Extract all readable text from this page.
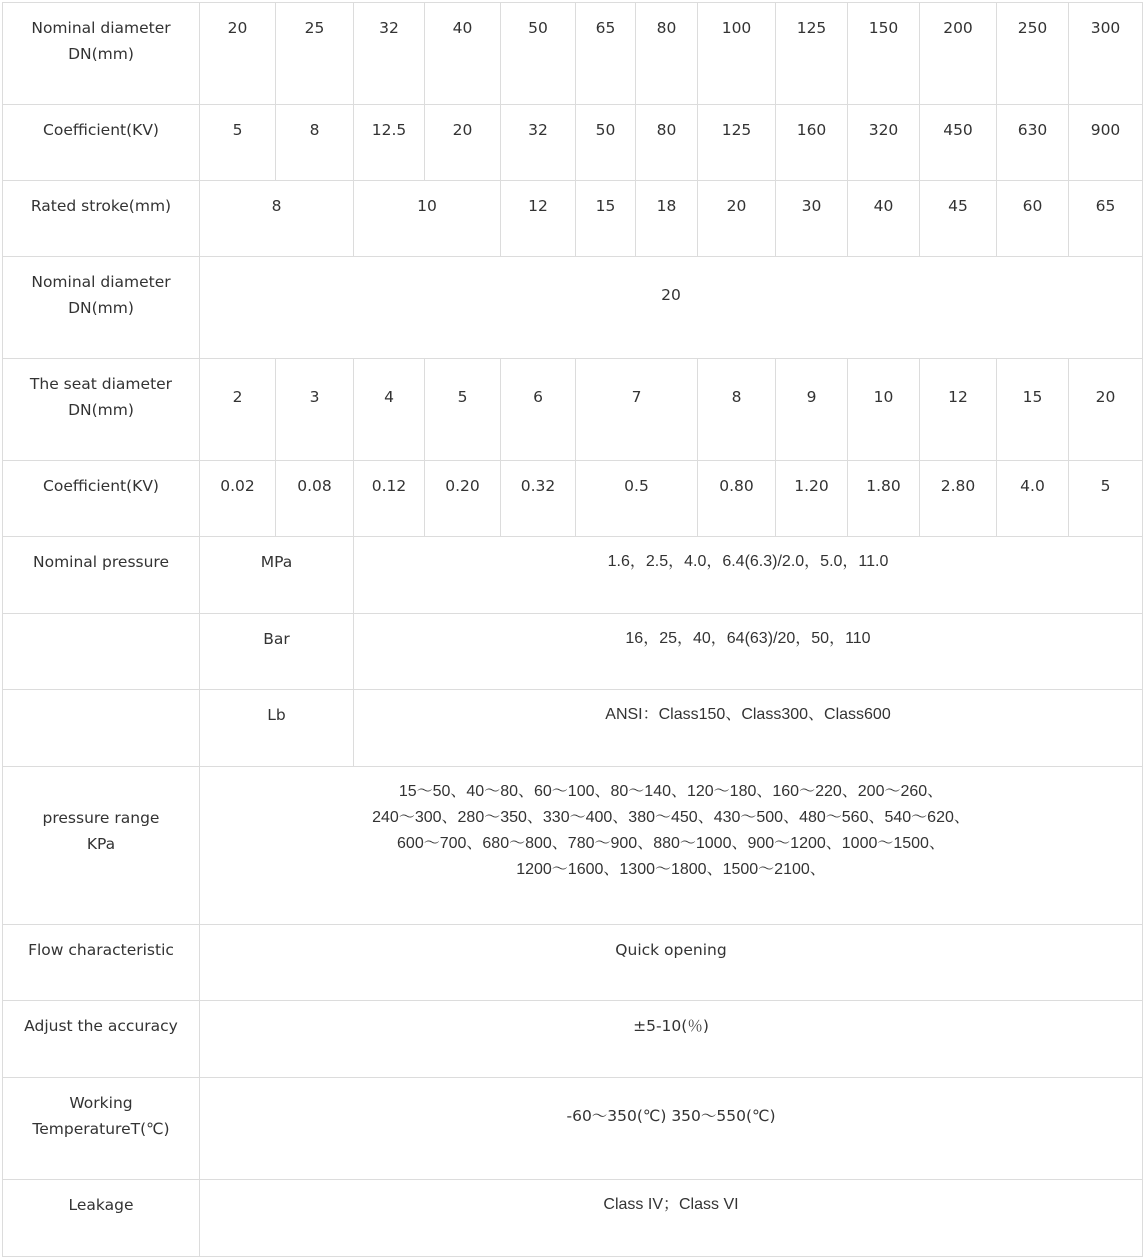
Nominal diameter
DN(mm)	20	25	32	40	50	65	80	100	125	150	200	250	300
Coefficient(KV)	5	8	12.5	20	32	50	80	125	160	320	450	630	900
Rated stroke(mm)	8		10		12	15	18	20	30	40	45	60	65
Nominal diameter
DN(mm)	20												
The seat diameter
DN(mm)	2	3	4	5	6	7		8	9	10	12	15	20
Coefficient(KV)	0.02	0.08	0.12	0.20	0.32	0.5		0.80	1.20	1.80	2.80	4.0	5
Nominal pressure	MPa		1.6，2.5，4.0，6.4(6.3)/2.0，5.0，11.0										
	Bar		16，25，40，64(63)/20，50，110										
	Lb		ANSI：Class150、Class300、Class600										
pressure range
KPa	15～50、40～80、60～100、80～140、120～180、160～220、200～260、
240～300、280～350、330～400、380～450、430～500、480～560、540～620、
600～700、680～800、780～900、880～1000、900～1200、1000～1500、
1200～1600、1300～1800、1500～2100、												

Flow characteristic	Quick opening												
Adjust the accuracy	±5-10(％)												
Working
TemperatureT(℃)	-60～350(℃) 350～550(℃)												
Leakage	Class IV；Class VI												
